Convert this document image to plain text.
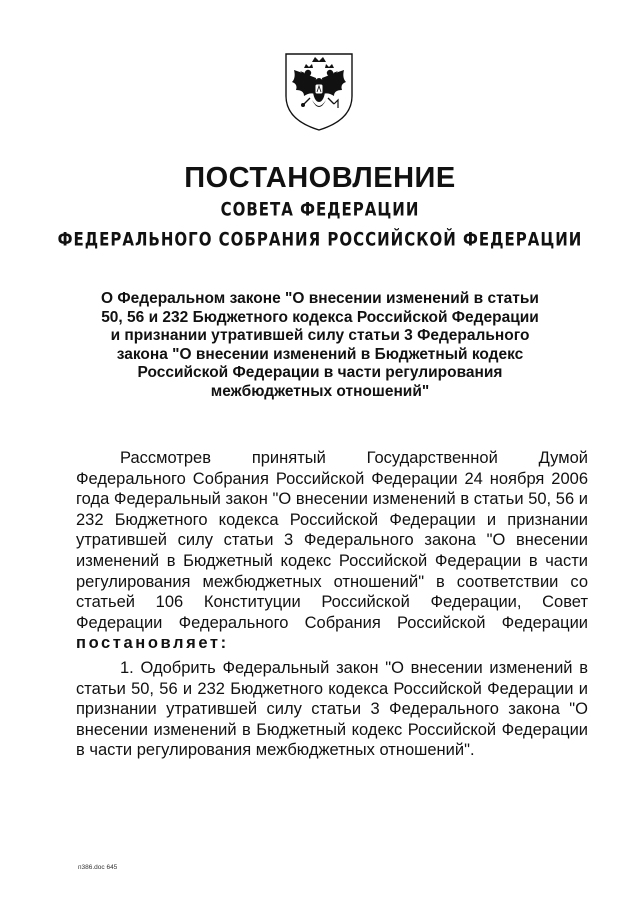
ПОСТАНОВЛЕНИЕ
СОВЕТА ФЕДЕРАЦИИ
ФЕДЕРАЛЬНОГО СОБРАНИЯ РОССИЙСКОЙ ФЕДЕРАЦИИ
О Федеральном законе "О внесении изменений в статьи 50, 56 и 232 Бюджетного кодекса Российской Федерации и признании утратившей силу статьи 3 Федерального закона "О внесении изменений в Бюджетный кодекс Российской Федерации в части регулирования межбюджетных отношений"
Рассмотрев принятый Государственной Думой Федерального Собрания Российской Федерации 24 ноября 2006 года Федеральный закон "О внесении изменений в статьи 50, 56 и 232 Бюджетного кодекса Российской Федерации и признании утратившей силу статьи 3 Федерального закона "О внесении изменений в Бюджетный кодекс Российской Федерации в части регулирования межбюджетных отношений" в соответствии со статьей 106 Конституции Российской Федерации, Совет Федерации Федерального Собрания Российской Федерации постановляет:
1. Одобрить Федеральный закон "О внесении изменений в статьи 50, 56 и 232 Бюджетного кодекса Российской Федерации и признании утратившей силу статьи 3 Федерального закона "О внесении изменений в Бюджетный кодекс Российской Федерации в части регулирования межбюджетных отношений".
п386.doc 645
